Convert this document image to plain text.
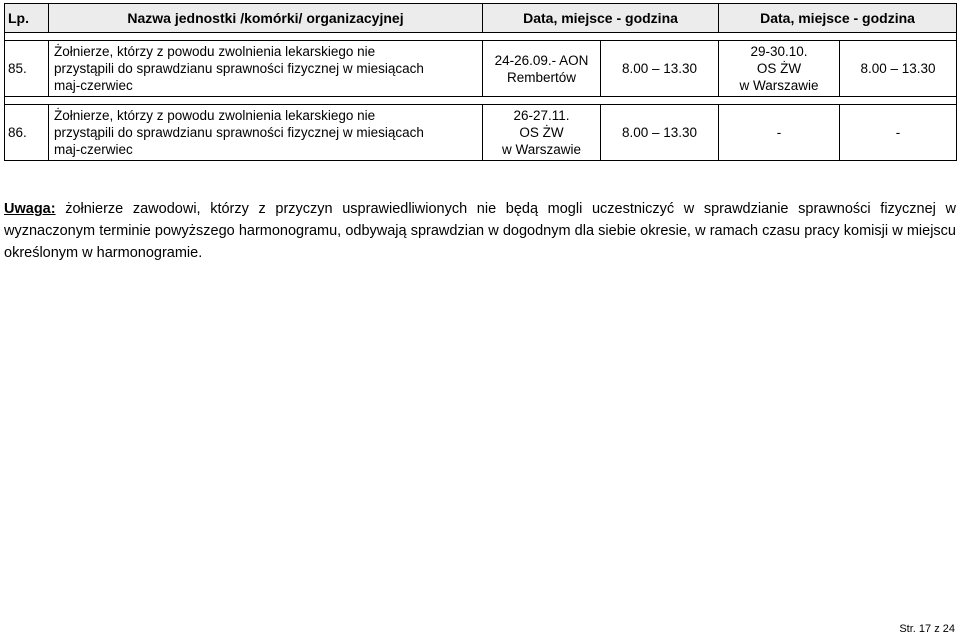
Lp.	Nazwa jednostki /komórki/ organizacyjnej	Data, miejsce - godzina		Data, miejsce - godzina	

85.	Żołnierze, którzy z powodu zwolnienia lekarskiego nie
przystąpili do sprawdzianu sprawności fizycznej w miesiącach
maj-czerwiec	24-26.09.- AON
Rembertów	8.00 – 13.30	29-30.10.
OS ŻW
w Warszawie	8.00 – 13.30

86.	Żołnierze, którzy z powodu zwolnienia lekarskiego nie
przystąpili do sprawdzianu sprawności fizycznej w miesiącach
maj-czerwiec	26-27.11.
OS ŻW
w Warszawie	8.00 – 13.30	-	-
Uwaga: żołnierze zawodowi, którzy z przyczyn usprawiedliwionych nie będą mogli uczestniczyć w sprawdzianie sprawności fizycznej w wyznaczonym terminie powyższego harmonogramu, odbywają sprawdzian w dogodnym dla siebie okresie, w ramach czasu pracy komisji w miejscu określonym w harmonogramie.
Str. 17 z 24
